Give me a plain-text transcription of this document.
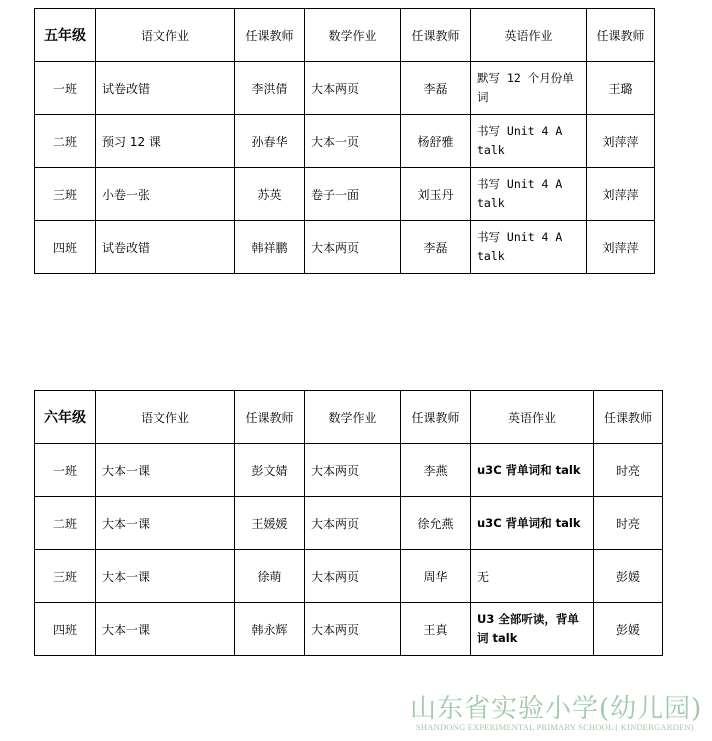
五年级	语文作业	任课教师	数学作业	任课教师	英语作业	任课教师
一班	试卷改错	李洪倩	大本两页	李磊	默写 12 个月份单词	王璐
二班	预习 12 课	孙春华	大本一页	杨舒雅	书写 Unit 4 A talk	刘萍萍
三班	小卷一张	苏英	卷子一面	刘玉丹	书写 Unit 4 A talk	刘萍萍
四班	试卷改错	韩祥鹏	大本两页	李磊	书写 Unit 4 A talk	刘萍萍
六年级	语文作业	任课教师	数学作业	任课教师	英语作业	任课教师
一班	大本一课	彭文婧	大本两页	李燕	u3C 背单词和 talk	时亮
二班	大本一课	王媛媛	大本两页	徐允燕	u3C 背单词和 talk	时亮
三班	大本一课	徐萌	大本两页	周华	无	彭媛
四班	大本一课	韩永辉	大本两页	王真	U3 全部听读，背单词 talk	彭媛
山东省实验小学(幼儿园)
SHANDONG EXPERIMENTAL PRIMARY SCHOOL ( KINDERGARDEN)
